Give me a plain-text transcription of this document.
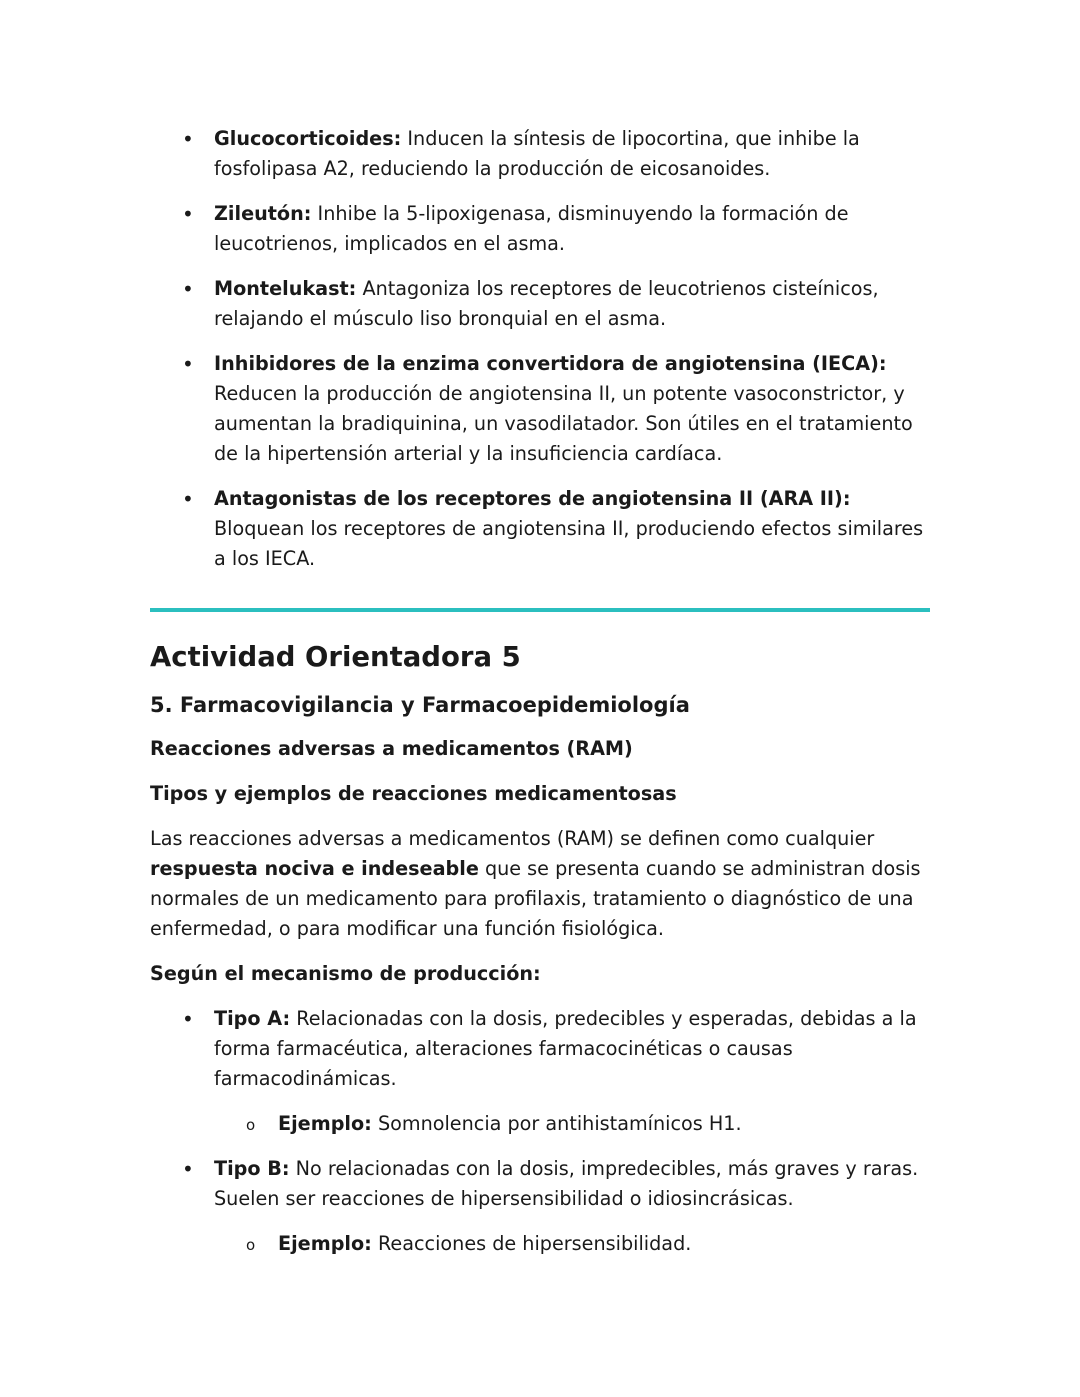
• Glucocorticoides: Inducen la síntesis de lipocortina, que inhibe la fosfolipasa A2, reduciendo la producción de eicosanoides.
• Zileutón: Inhibe la 5-lipoxigenasa, disminuyendo la formación de leucotrienos, implicados en el asma.
• Montelukast: Antagoniza los receptores de leucotrienos cisteínicos, relajando el músculo liso bronquial en el asma.
• Inhibidores de la enzima convertidora de angiotensina (IECA): Reducen la producción de angiotensina II, un potente vasoconstrictor, y aumentan la bradiquinina, un vasodilatador. Son útiles en el tratamiento de la hipertensión arterial y la insuficiencia cardíaca.
• Antagonistas de los receptores de angiotensina II (ARA II): Bloquean los receptores de angiotensina II, produciendo efectos similares a los IECA.
Actividad Orientadora 5
5. Farmacovigilancia y Farmacoepidemiología
Reacciones adversas a medicamentos (RAM)
Tipos y ejemplos de reacciones medicamentosas

Las reacciones adversas a medicamentos (RAM) se definen como cualquier respuesta nociva e indeseable que se presenta cuando se administran dosis normales de un medicamento para profilaxis, tratamiento o diagnóstico de una enfermedad, o para modificar una función fisiológica.

Según el mecanismo de producción:
• Tipo A: Relacionadas con la dosis, predecibles y esperadas, debidas a la forma farmacéutica, alteraciones farmacocinéticas o causas farmacodinámicas.
o Ejemplo: Somnolencia por antihistamínicos H1.
• Tipo B: No relacionadas con la dosis, impredecibles, más graves y raras. Suelen ser reacciones de hipersensibilidad o idiosincrásicas.
o Ejemplo: Reacciones de hipersensibilidad.
